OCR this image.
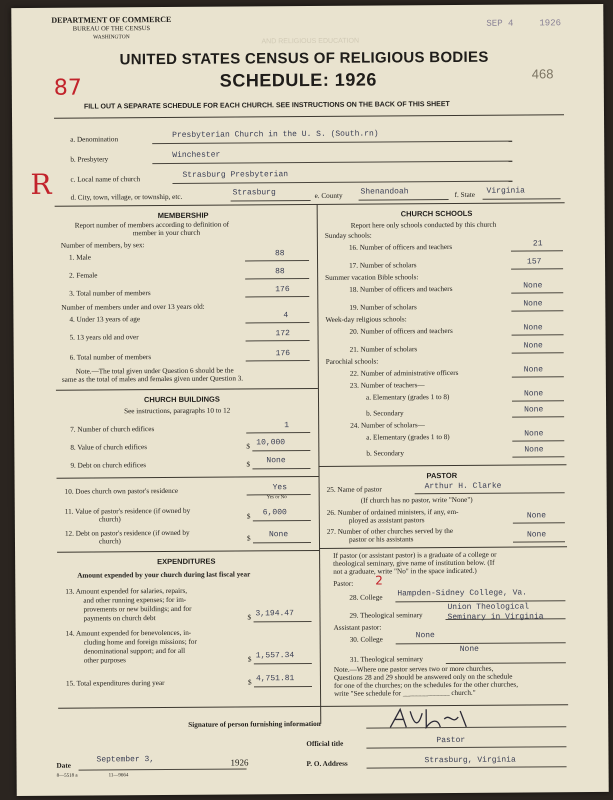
AND RELIGIOUS EDUCATION
DEPARTMENT OF COMMERCE
BUREAU OF THE CENSUS
WASHINGTON
SEP 4	1926
468
UNITED STATES CENSUS OF RELIGIOUS BODIES
SCHEDULE: 1926
87
R
FILL OUT A SEPARATE SCHEDULE FOR EACH CHURCH. SEE INSTRUCTIONS ON THE BACK OF THIS SHEET
a. Denomination	Presbyterian Church in the U. S. (South.rn)
b. Presbytery	Winchester
c. Local name of church	Strasburg Presbyterian
d. City, town, village, or township, etc.	Strasburg	e. County Shenandoah	f. State Virginia
MEMBERSHIP
Report number of members according to definition of
member in your church
Number of members, by sex:
1. Male	88
2. Female	88
3. Total number of members	176
Number of members under and over 13 years old:
4. Under 13 years of age	4
5. 13 years old and over	172
6. Total number of members	176
Note.—The total given under Question 6 should be the
same as the total of males and females given under Question 3.
CHURCH BUILDINGS
See instructions, paragraphs 10 to 12
7. Number of church edifices	1
8. Value of church edifices	$ 10,000
9. Debt on church edifices	$ None
10. Does church own pastor's residence	Yes
Yes or No
11. Value of pastor's residence (if owned by
church)	$ 6,000
12. Debt on pastor's residence (if owned by
church)	$ None
EXPENDITURES
Amount expended by your church during last fiscal year
13. Amount expended for salaries, repairs,
and other running expenses; for im-
provements or new buildings; and for
payments on church debt	$ 3,194.47
14. Amount expended for benevolences, in-
cluding home and foreign missions; for
denominational support; and for all
other purposes	$ 1,557.34
15. Total expenditures during year	$ 4,751.81
CHURCH SCHOOLS
Report here only schools conducted by this church
Sunday schools:
16. Number of officers and teachers	21
17. Number of scholars	157
Summer vacation Bible schools:
18. Number of officers and teachers	None
19. Number of scholars	None
Week-day religious schools:
20. Number of officers and teachers	None
21. Number of scholars	None
Parochial schools:
22. Number of administrative officers	None
23. Number of teachers—
a. Elementary (grades 1 to 8)	None
b. Secondary	None
24. Number of scholars—
a. Elementary (grades 1 to 8)	None
b. Secondary	None
PASTOR
25. Name of pastor	Arthur H. Clarke
(If church has no pastor, write "None")
26. Number of ordained ministers, if any, em-
ployed as assistant pastors	None
27. Number of other churches served by the
pastor or his assistants
None
If pastor (or assistant pastor) is a graduate of a college or
theological seminary, give name of institution below. (If
not a graduate, write "No" in the space indicated.)
Pastor: 2
28. College Hampden-Sidney College, Va.
29. Theological seminary
Union Theological
Seminary in Virginia
Assistant pastor:
30. College	None
31. Theological seminary
None
Note.—Where one pastor serves two or more churches,
Questions 28 and 29 should be answered only on the schedule
for one of the churches; on the schedules for the other churches,
write "See schedule for _____________ church."
Signature of person furnishing information
Official title	Pastor
Date
September 3,	1926	P. O. Address	Strasburg, Virginia
8—5518 a	11—9664
